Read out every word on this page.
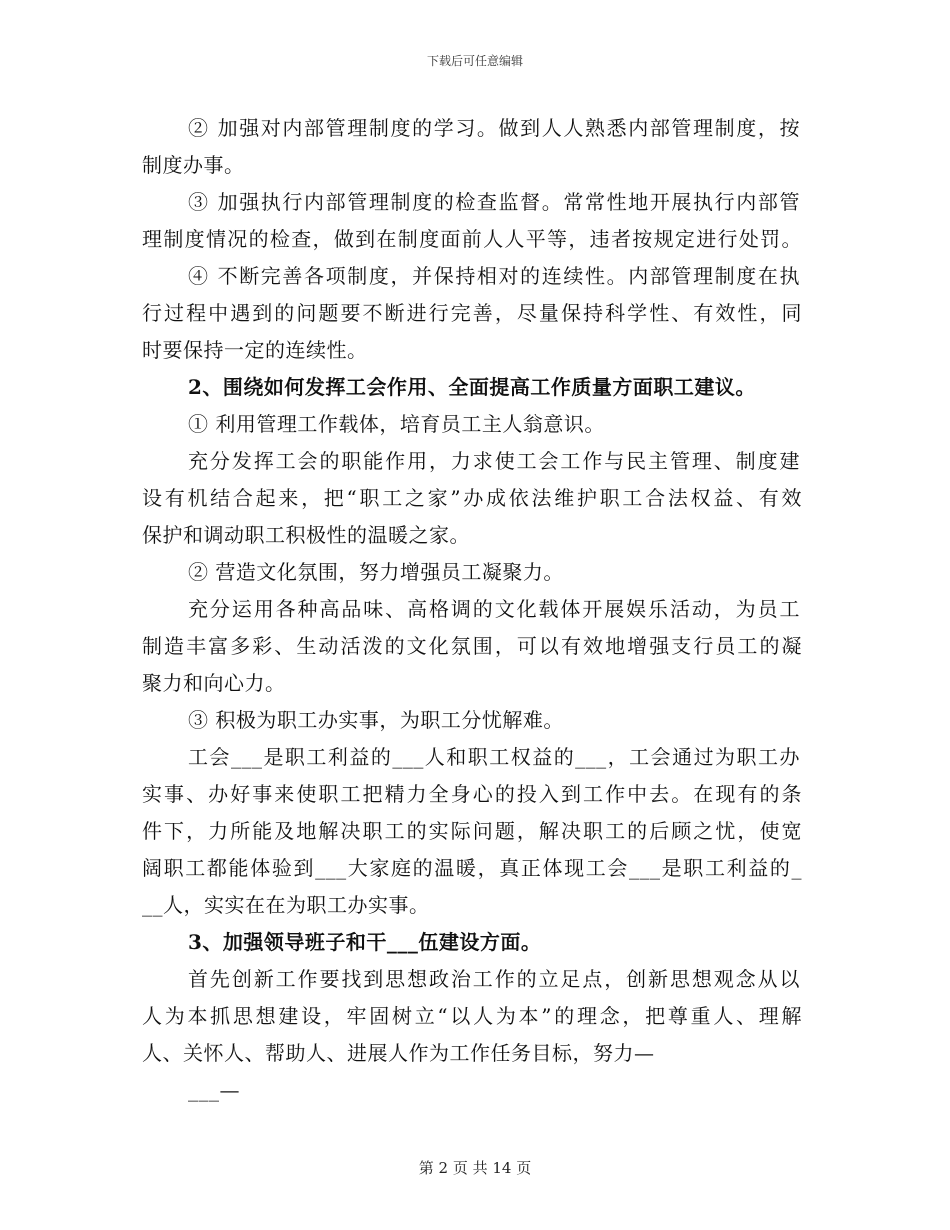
下载后可任意编辑
② 加强对内部管理制度的学习。做到人人熟悉内部管理制度，按
制度办事。
③ 加强执行内部管理制度的检查监督。常常性地开展执行内部管
理制度情况的检查，做到在制度面前人人平等，违者按规定进行处罚。
④ 不断完善各项制度，并保持相对的连续性。内部管理制度在执
行过程中遇到的问题要不断进行完善，尽量保持科学性、有效性，同
时要保持一定的连续性。
2、围绕如何发挥工会作用、全面提高工作质量方面职工建议。
① 利用管理工作载体，培育员工主人翁意识。
充分发挥工会的职能作用，力求使工会工作与民主管理、制度建
设有机结合起来，把“职工之家”办成依法维护职工合法权益、有效
保护和调动职工积极性的温暖之家。
② 营造文化氛围，努力增强员工凝聚力。
充分运用各种高品味、高格调的文化载体开展娱乐活动，为员工
制造丰富多彩、生动活泼的文化氛围，可以有效地增强支行员工的凝
聚力和向心力。
③ 积极为职工办实事，为职工分忧解难。
工会___是职工利益的___人和职工权益的___，工会通过为职工办
实事、办好事来使职工把精力全身心的投入到工作中去。在现有的条
件下，力所能及地解决职工的实际问题，解决职工的后顾之忧，使宽
阔职工都能体验到___大家庭的温暖，真正体现工会___是职工利益的_
__人，实实在在为职工办实事。
3、加强领导班子和干___伍建设方面。
首先创新工作要找到思想政治工作的立足点，创新思想观念从以
人为本抓思想建设，牢固树立“以人为本”的理念，把尊重人、理解
人、关怀人、帮助人、进展人作为工作任务目标，努力—
___—
第 2 页 共 14 页
